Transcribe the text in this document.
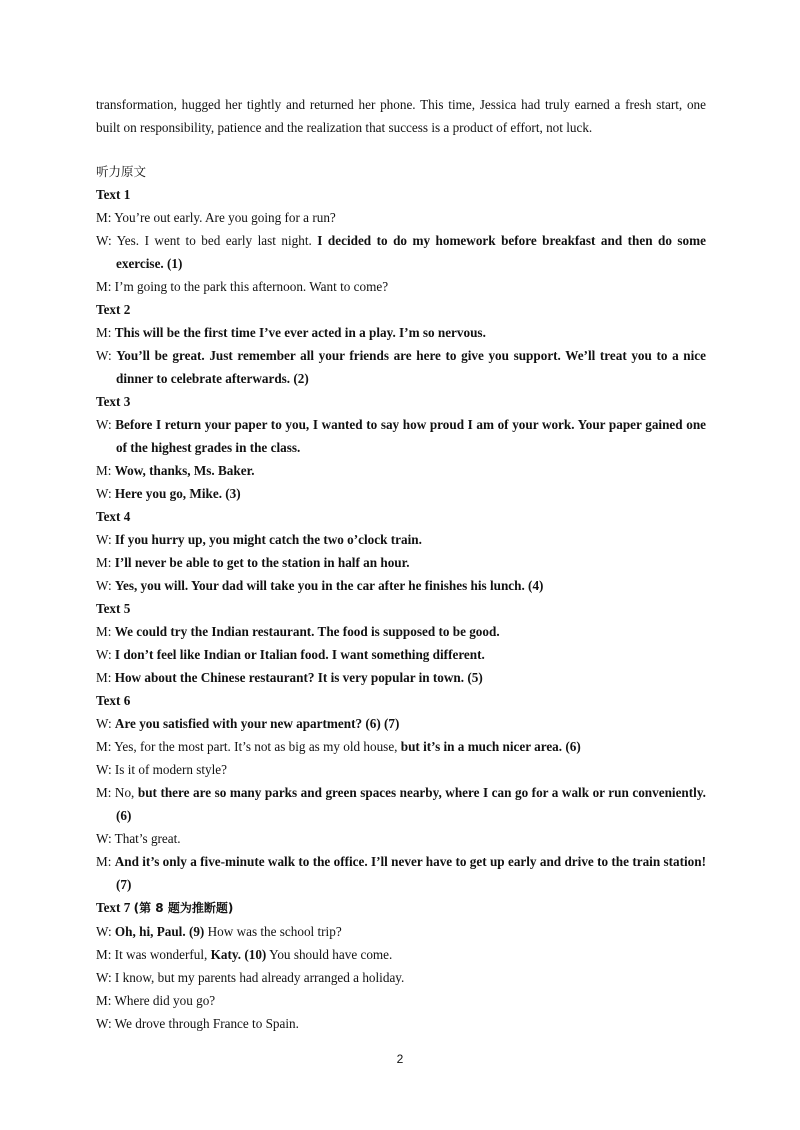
transformation, hugged her tightly and returned her phone. This time, Jessica had truly earned a fresh start, one built on responsibility, patience and the realization that success is a product of effort, not luck.

听力原文
Text 1
M: You’re out early. Are you going for a run?
W: Yes. I went to bed early last night. I decided to do my homework before breakfast and then do some exercise. (1)
M: I’m going to the park this afternoon. Want to come?
Text 2
M: This will be the first time I’ve ever acted in a play. I’m so nervous.
W: You’ll be great. Just remember all your friends are here to give you support. We’ll treat you to a nice dinner to celebrate afterwards. (2)
Text 3
W: Before I return your paper to you, I wanted to say how proud I am of your work. Your paper gained one of the highest grades in the class.
M: Wow, thanks, Ms. Baker.
W: Here you go, Mike. (3)
Text 4
W: If you hurry up, you might catch the two o’clock train.
M: I’ll never be able to get to the station in half an hour.
W: Yes, you will. Your dad will take you in the car after he finishes his lunch. (4)
Text 5
M: We could try the Indian restaurant. The food is supposed to be good.
W: I don’t feel like Indian or Italian food. I want something different.
M: How about the Chinese restaurant? It is very popular in town. (5)
Text 6
W: Are you satisfied with your new apartment? (6) (7)
M: Yes, for the most part. It’s not as big as my old house, but it’s in a much nicer area. (6)
W: Is it of modern style?
M: No, but there are so many parks and green spaces nearby, where I can go for a walk or run conveniently. (6)
W: That’s great.
M: And it’s only a five-minute walk to the office. I’ll never have to get up early and drive to the train station! (7)
Text 7 (第 8 题为推断题)
W: Oh, hi, Paul. (9) How was the school trip?
M: It was wonderful, Katy. (10) You should have come.
W: I know, but my parents had already arranged a holiday.
M: Where did you go?
W: We drove through France to Spain.
2
